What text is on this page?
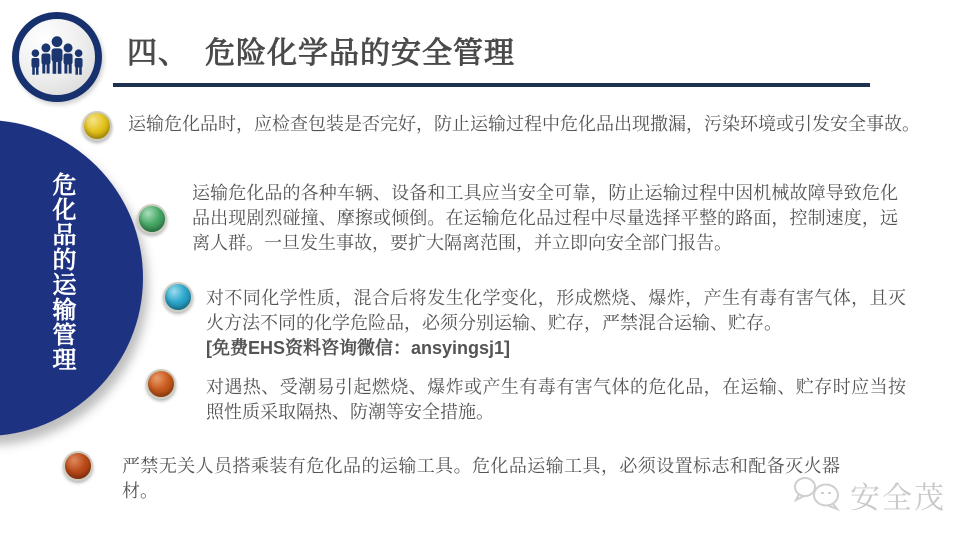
四、 危险化学品的安全管理
危化品的运输管理
运输危化品时，应检查包装是否完好，防止运输过程中危化品出现撒漏，污染环境或引发安全事故。
运输危化品的各种车辆、设备和工具应当安全可靠，防止运输过程中因机械故障导致危化品出现剧烈碰撞、摩擦或倾倒。在运输危化品过程中尽量选择平整的路面，控制速度，远离人群。一旦发生事故，要扩大隔离范围，并立即向安全部门报告。
对不同化学性质，混合后将发生化学变化，形成燃烧、爆炸，产生有毒有害气体，且灭火方法不同的化学危险品，必须分别运输、贮存，严禁混合运输、贮存。
[免费EHS资料咨询微信：ansyingsj1]
对遇热、受潮易引起燃烧、爆炸或产生有毒有害气体的危化品，在运输、贮存时应当按照性质采取隔热、防潮等安全措施。
严禁无关人员搭乘装有危化品的运输工具。危化品运输工具，必须设置标志和配备灭火器材。	安全茂
